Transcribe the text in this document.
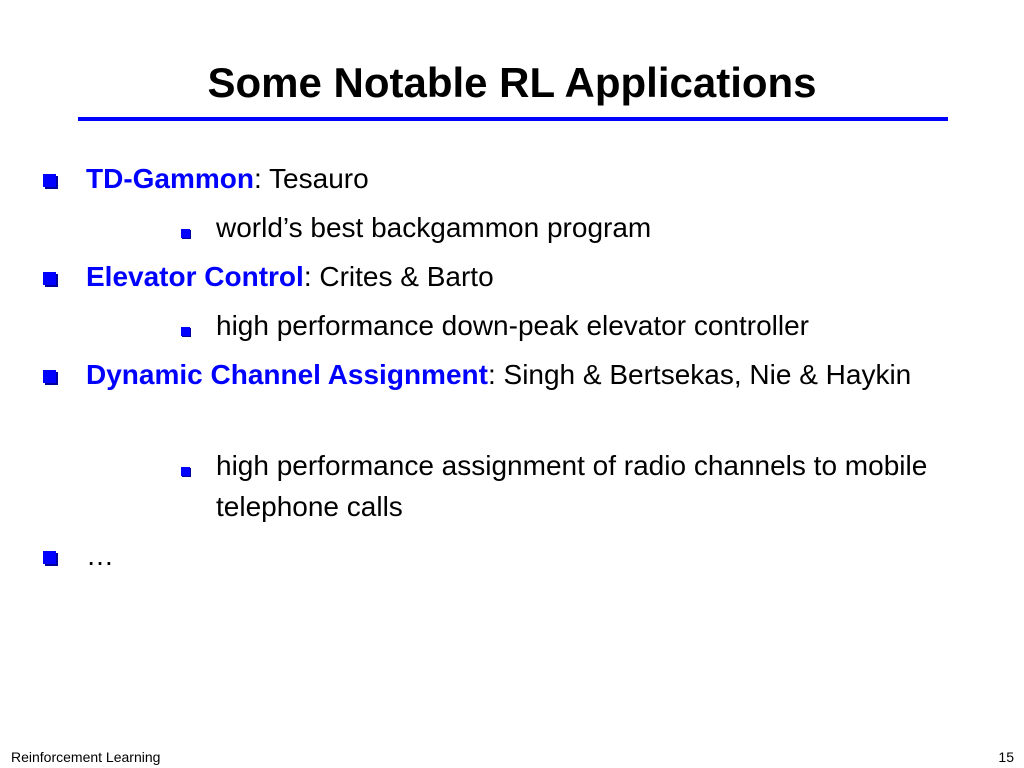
Some Notable RL Applications
TD-Gammon: Tesauro
world’s best backgammon program
Elevator Control: Crites & Barto
high performance down-peak elevator controller
Dynamic Channel Assignment: Singh & Bertsekas, Nie & Haykin
high performance assignment of radio channels to mobile telephone calls
…
Reinforcement Learning	15
